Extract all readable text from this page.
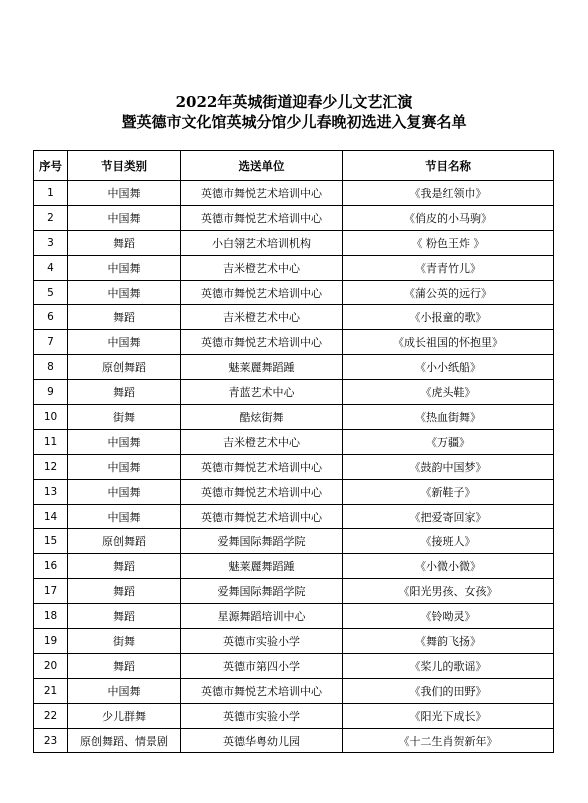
2022年英城街道迎春少儿文艺汇演
暨英德市文化馆英城分馆少儿春晚初选进入复赛名单
序号	节目类别	选送单位	节目名称
1	中国舞	英德市舞悦艺术培训中心	《我是红领巾》
2	中国舞	英德市舞悦艺术培训中心	《俏皮的小马驹》
3	舞蹈	小白翎艺术培训机构	《 粉色王炸 》
4	中国舞	吉米橙艺术中心	《青青竹儿》
5	中国舞	英德市舞悦艺术培训中心	《蒲公英的远行》
6	舞蹈	吉米橙艺术中心	《小报童的歌》
7	中国舞	英德市舞悦艺术培训中心	《成长祖国的怀抱里》
8	原创舞蹈	魅莱麗舞蹈踵	《小小纸船》
9	舞蹈	青蓝艺术中心	《虎头鞋》
10	街舞	酷炫街舞	《热血街舞》
11	中国舞	吉米橙艺术中心	《万疆》
12	中国舞	英德市舞悦艺术培训中心	《鼓韵中国梦》
13	中国舞	英德市舞悦艺术培训中心	《新鞋子》
14	中国舞	英德市舞悦艺术培训中心	《把爱寄回家》
15	原创舞蹈	爱舞国际舞蹈学院	《接班人》
16	舞蹈	魅莱麗舞蹈踵	《小微小微》
17	舞蹈	爱舞国际舞蹈学院	《阳光男孩、女孩》
18	舞蹈	星源舞蹈培训中心	《铃呦灵》
19	街舞	英德市实验小学	《舞韵飞扬》
20	舞蹈	英德市第四小学	《桨儿的歌谣》
21	中国舞	英德市舞悦艺术培训中心	《我们的田野》
22	少儿群舞	英德市实验小学	《阳光下成长》
23	原创舞蹈、情景剧	英德华粤幼儿园	《十二生肖贺新年》
